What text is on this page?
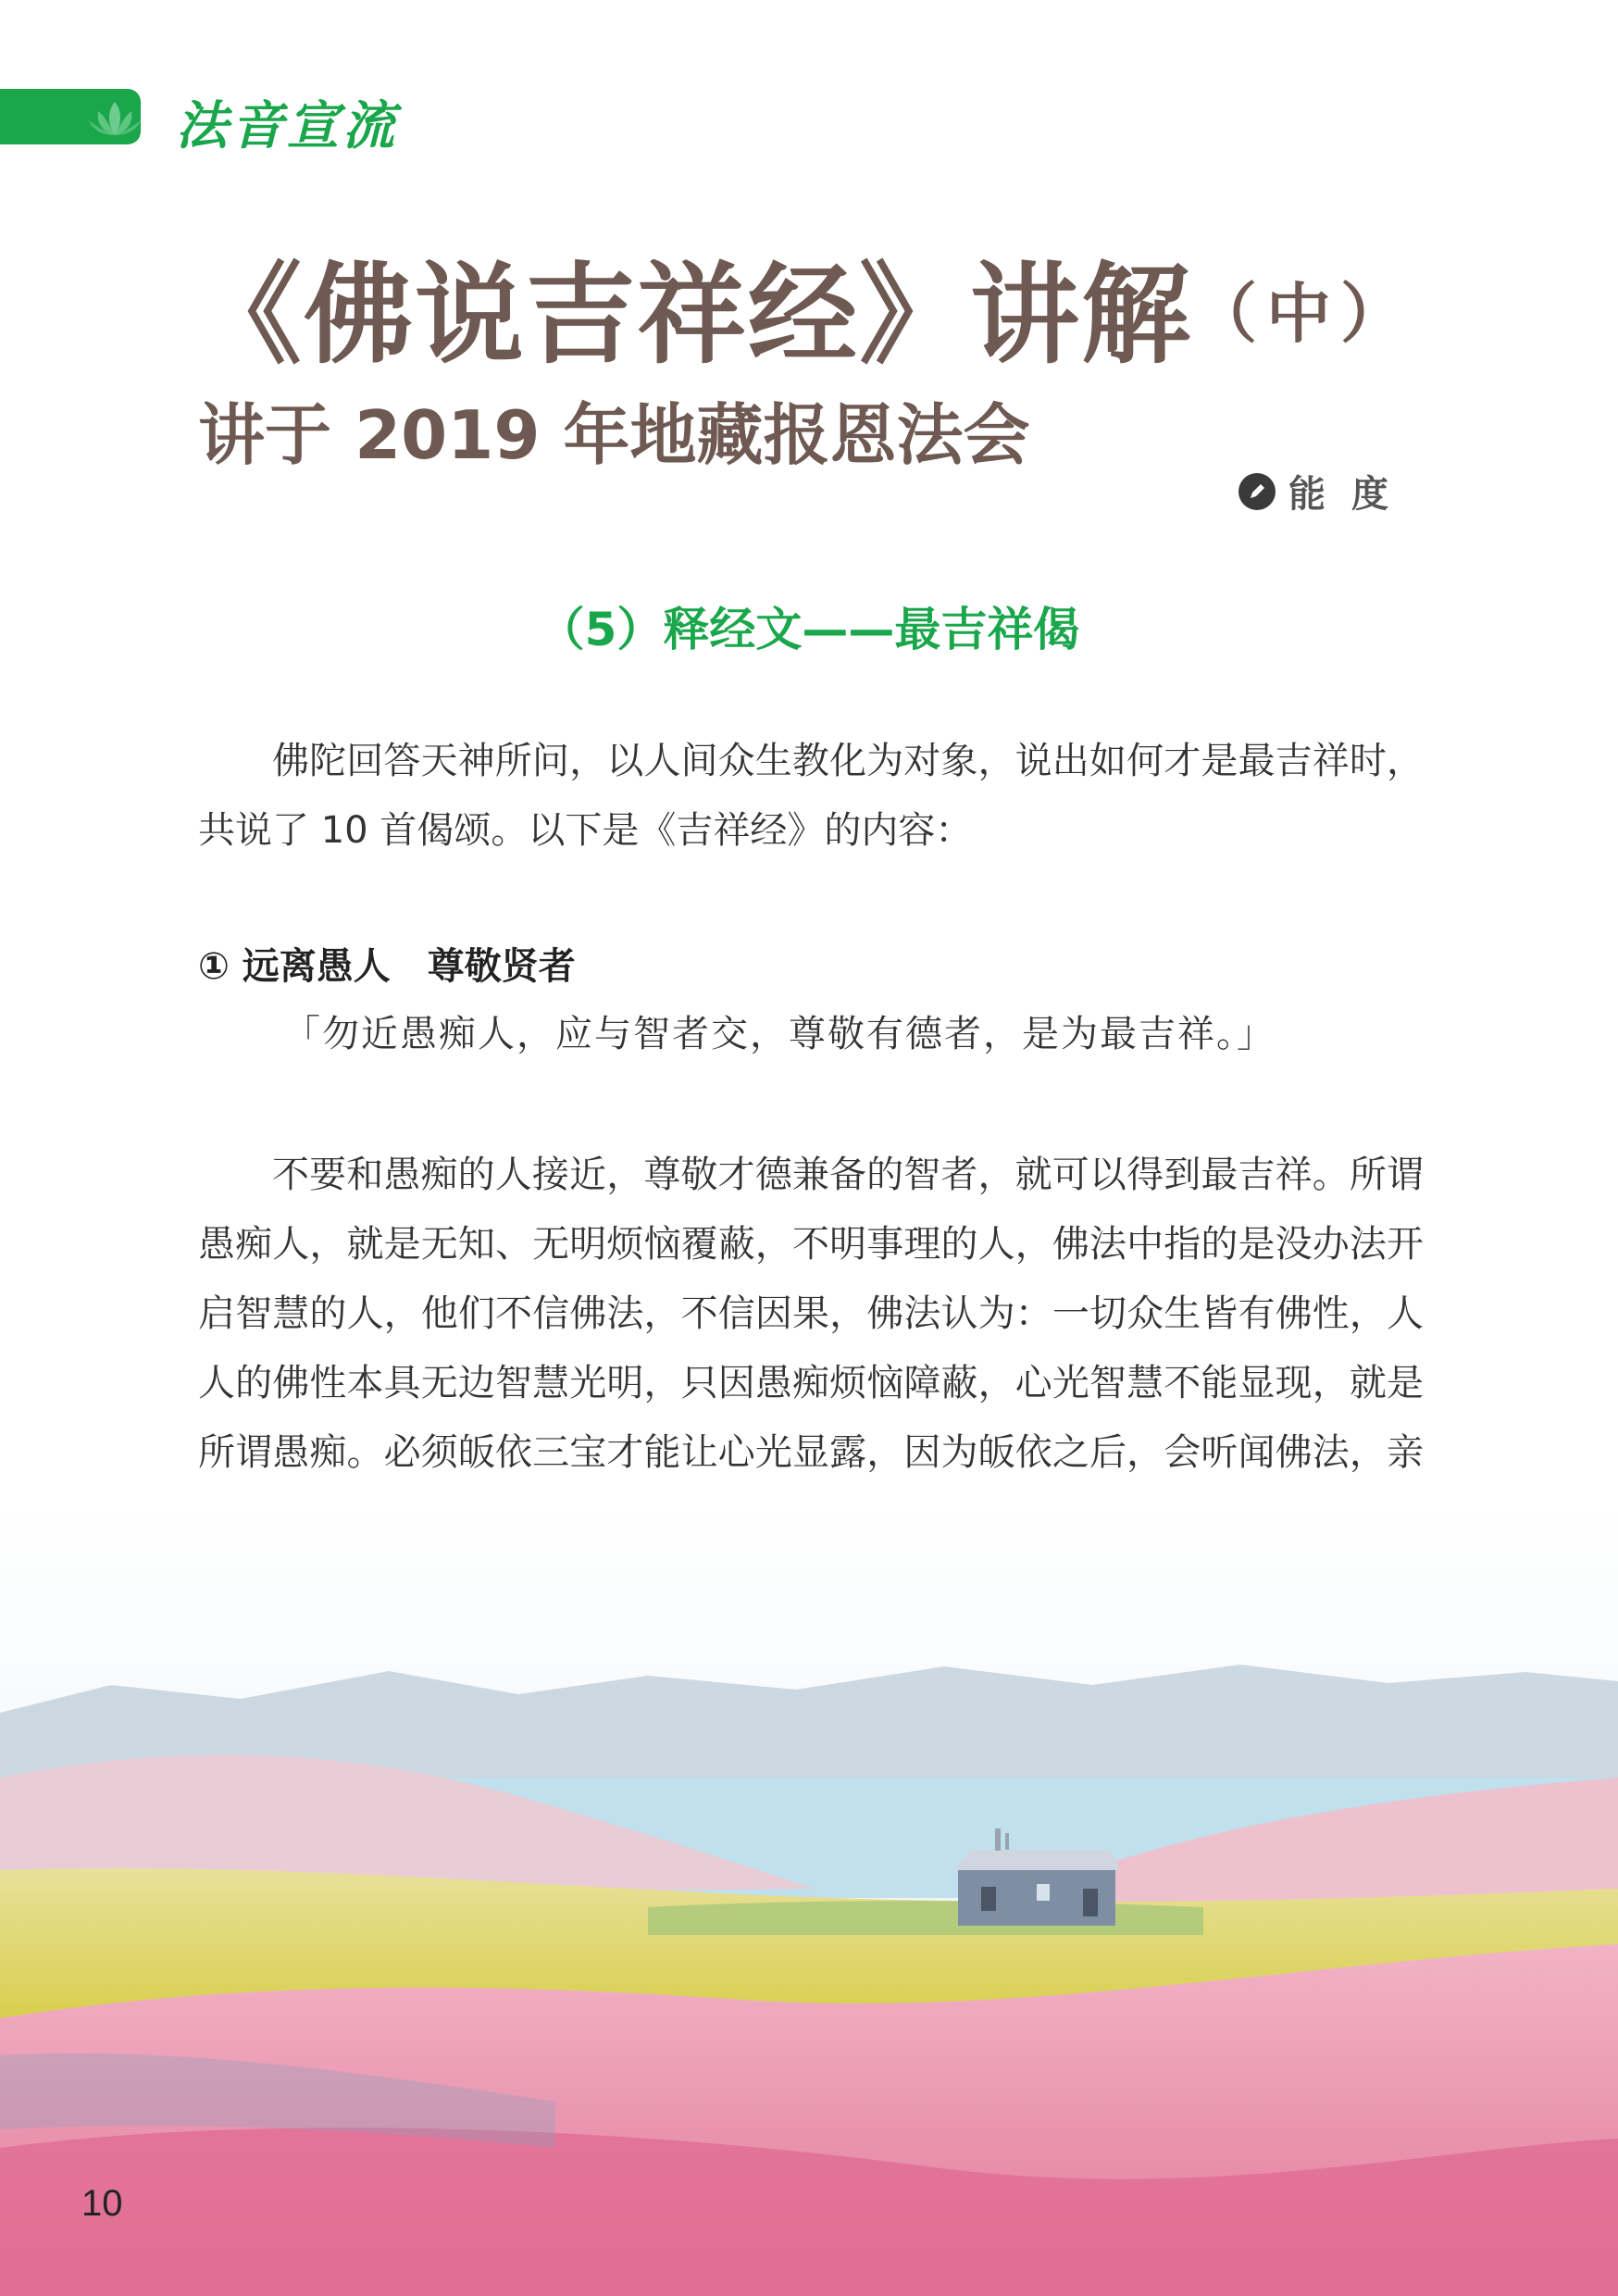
法音宣流
《佛说吉祥经》讲解（中）
讲于 2019 年地藏报恩法会
能度
（5）释经文——最吉祥偈
佛陀回答天神所问，以人间众生教化为对象，说出如何才是最吉祥时，共说了 10 首偈颂。以下是《吉祥经》的内容：
① 远离愚人　尊敬贤者
「勿近愚痴人，应与智者交，尊敬有德者，是为最吉祥。」
不要和愚痴的人接近，尊敬才德兼备的智者，就可以得到最吉祥。所谓愚痴人，就是无知、无明烦恼覆蔽，不明事理的人，佛法中指的是没办法开启智慧的人，他们不信佛法，不信因果，佛法认为：一切众生皆有佛性，人人的佛性本具无边智慧光明，只因愚痴烦恼障蔽，心光智慧不能显现，就是所谓愚痴。必须皈依三宝才能让心光显露，因为皈依之后，会听闻佛法，亲
10
